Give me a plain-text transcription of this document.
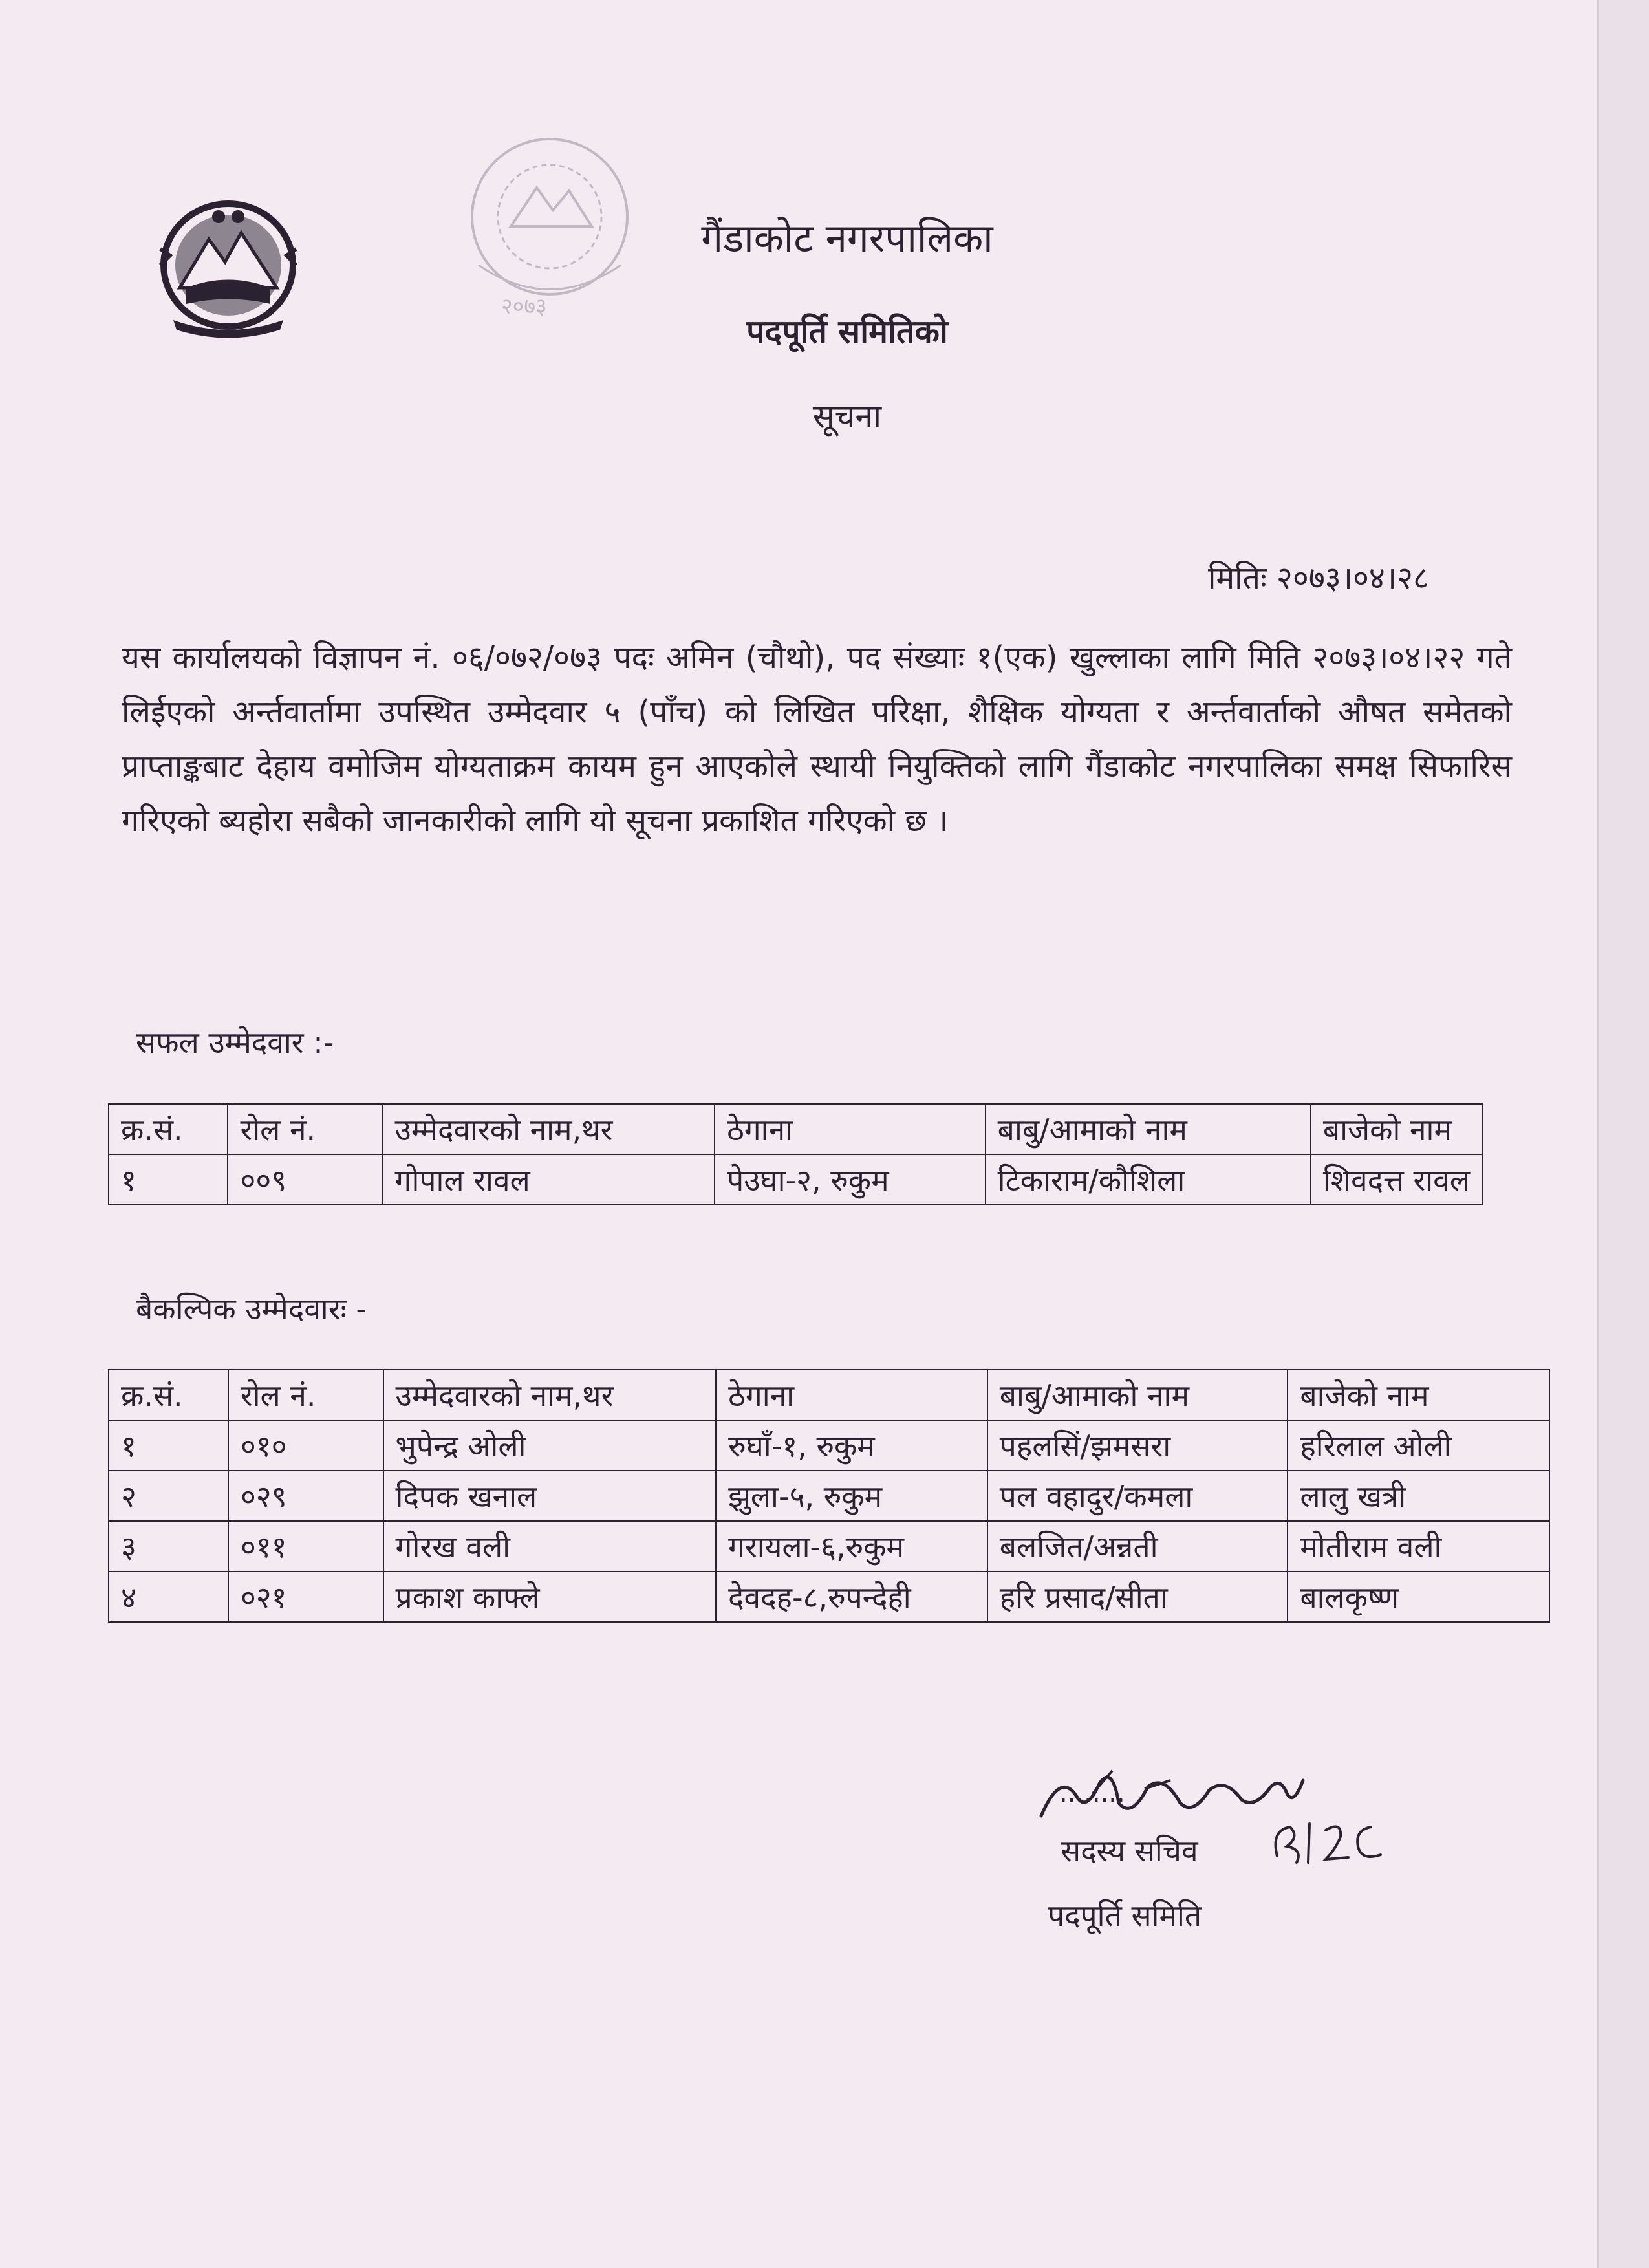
२०७३
गैंडाकोट नगरपालिका
पदपूर्ति समितिको
सूचना
मितिः २०७३।०४।२८
यस कार्यालयको विज्ञापन नं. ०६/०७२/०७३ पदः अमिन (चौथो), पद संख्याः १(एक) खुल्लाका लागि मिति २०७३।०४।२२ गते लिईएको अर्न्तवार्तामा उपस्थित उम्मेदवार ५ (पाँच) को लिखित परिक्षा, शैक्षिक योग्यता र अर्न्तवार्ताको औषत समेतको प्राप्ताङ्कबाट देहाय वमोजिम योग्यताक्रम कायम हुन आएकोले स्थायी नियुक्तिको लागि गैंडाकोट नगरपालिका समक्ष सिफारिस गरिएको ब्यहोरा सबैको जानकारीको लागि यो सूचना प्रकाशित गरिएको छ ।
सफल उम्मेदवार :-
क्र.सं.	रोल नं.	उम्मेदवारको नाम,थर	ठेगाना	बाबु/आमाको नाम	बाजेको नाम
१	००९	गोपाल रावल	पेउघा-२, रुकुम	टिकाराम/कौशिला	शिवदत्त रावल
बैकल्पिक उम्मेदवारः -
क्र.सं.	रोल नं.	उम्मेदवारको नाम,थर	ठेगाना	बाबु/आमाको नाम	बाजेको नाम
१	०१०	भुपेन्द्र ओली	रुघाँ-१, रुकुम	पहलसिं/झमसरा	हरिलाल ओली
२	०२९	दिपक खनाल	झुला-५, रुकुम	पल वहादुर/कमला	लालु खत्री
३	०११	गोरख वली	गरायला-६,रुकुम	बलजित/अन्नती	मोतीराम वली
४	०२१	प्रकाश काफ्ले	देवदह-८,रुपन्देही	हरि प्रसाद/सीता	बालकृष्ण
........
सदस्य सचिव
पदपूर्ति समिति
